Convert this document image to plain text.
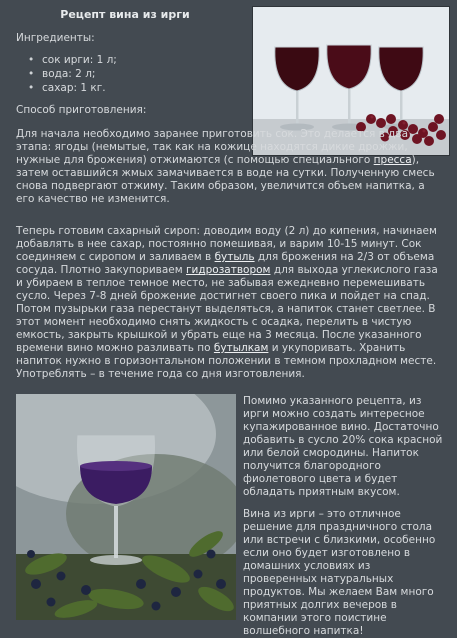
Рецепт вина из ирги
Ингредиенты:
• сок ирги: 1 л;
• вода: 2 л;
• сахар: 1 кг.
Способ приготовления:

Для начала необходимо заранее приготовить сок. Это делается в два этапа: ягоды (немытые, так как на кожице находятся дикие дрожжи, нужные для брожения) отжимаются (с помощью специального пресса), затем оставшийся жмых замачивается в воде на сутки. Полученную смесь снова подвергают отжиму. Таким образом, увеличится объем напитка, а его качество не изменится.

Теперь готовим сахарный сироп: доводим воду (2 л) до кипения, начинаем добавлять в нее сахар, постоянно помешивая, и варим 10-15 минут. Сок соединяем с сиропом и заливаем в бутыль для брожения на 2/3 от объема сосуда. Плотно закупориваем гидрозатвором для выхода углекислого газа и убираем в теплое темное место, не забывая ежедневно перемешивать сусло. Через 7-8 дней брожение достигнет своего пика и пойдет на спад. Потом пузырьки газа перестанут выделяться, а напиток станет светлее. В этот момент необходимо снять жидкость с осадка, перелить в чистую емкость, закрыть крышкой и убрать еще на 3 месяца. После указанного времени вино можно разливать по бутылкам и укупоривать. Хранить напиток нужно в горизонтальном положении в темном прохладном месте. Употреблять – в течение года со дня изготовления.

Помимо указанного рецепта, из ирги можно создать интересное купажированное вино. Достаточно добавить в сусло 20% сока красной или белой смородины. Напиток получится благородного фиолетового цвета и будет обладать приятным вкусом.

Вина из ирги – это отличное решение для праздничного стола или встречи с близкими, особенно если оно будет изготовлено в домашних условиях из проверенных натуральных продуктов. Мы желаем Вам много приятных долгих вечеров в компании этого поистине волшебного напитка!
